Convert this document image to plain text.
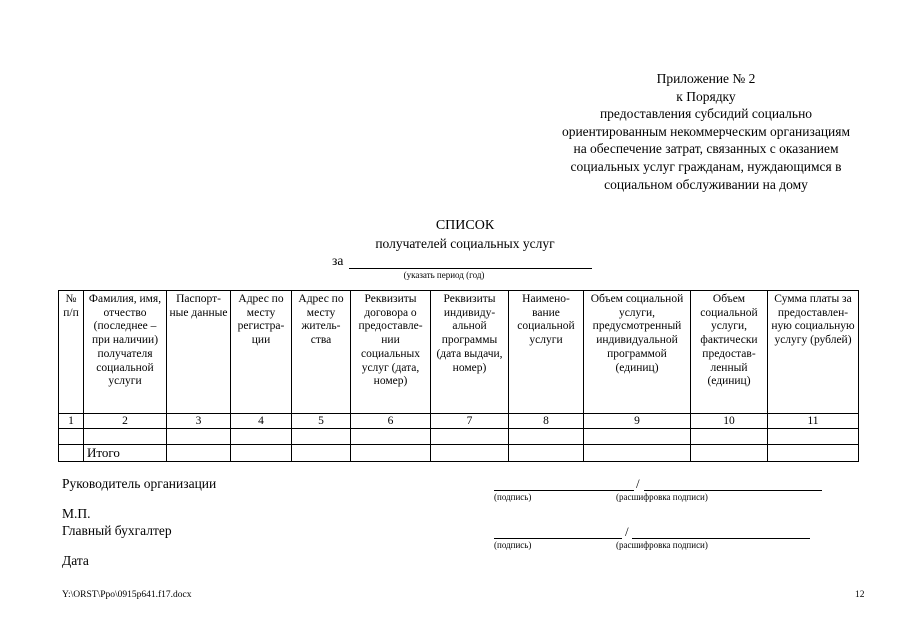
Приложение № 2
к Порядку
предоставления субсидий социально
ориентированным некоммерческим организациям
на обеспечение затрат, связанных с оказанием
социальных услуг гражданам, нуждающимся в
социальном обслуживании на дому
СПИСОК
получателей социальных услуг
за
(указать период (год)
№ п/п	Фамилия, имя, отчество (последнее – при наличии) получателя социальной услуги	Паспорт-ные данные	Адрес по месту регистра-ции	Адрес по месту житель-ства	Реквизиты договора о предоставле-нии социальных услуг (дата, номер)	Реквизиты индивиду-альной программы (дата выдачи, номер)	Наимено-вание социальной услуги	Объем социальной услуги, предусмотренный индивидуальной программой (единиц)	Объем социальной услуги, фактически предостав-ленный (единиц)	Сумма платы за предоставлен-ную социальную услугу (рублей)
1	2	3	4	5	6	7	8	9	10	11

	Итого									
Руководитель организации	/
(подпись)	(расшифровка подписи)
М.П.
Главный бухгалтер	/
(подпись)	(расшифровка подписи)
Дата
Y:\ORST\Ppo\0915p641.f17.docx	12
